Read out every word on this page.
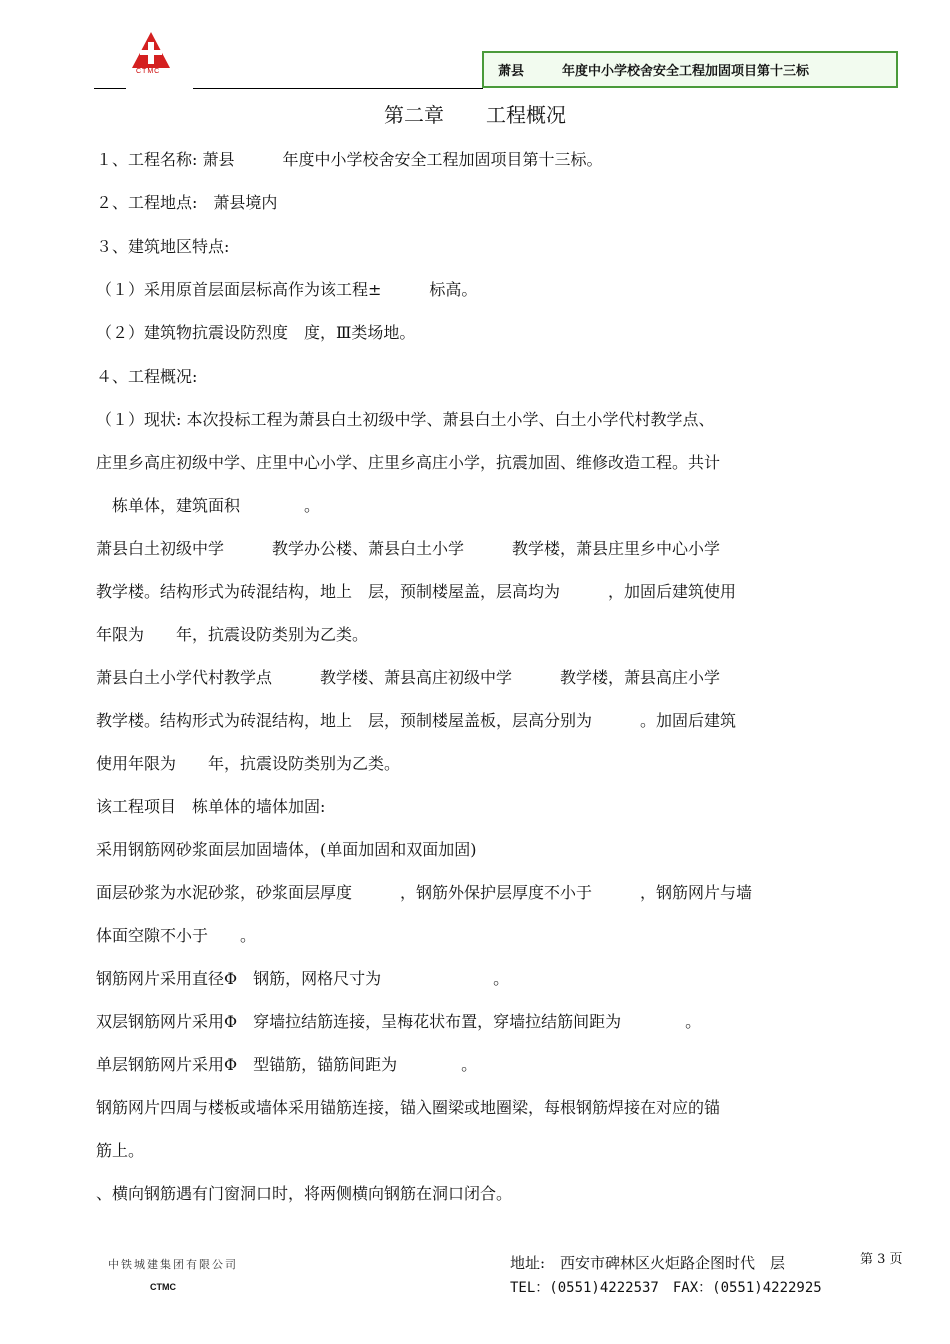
CTMC	萧县	年度中小学校舍安全工程加固项目第十三标
第二章 工程概况
１、工程名称: 萧县　　　年度中小学校舍安全工程加固项目第十三标。
２、工程地点:　萧县境内
３、建筑地区特点:
（１）采用原首层面层标高作为该工程±　　　标高。
（２）建筑物抗震设防烈度　度，Ⅲ类场地。
４、工程概况:
（１）现状: 本次投标工程为萧县白土初级中学、萧县白土小学、白土小学代村教学点、
庄里乡高庄初级中学、庄里中心小学、庄里乡高庄小学，抗震加固、维修改造工程。共计
　栋单体，建筑面积　　　　。
萧县白土初级中学　　　教学办公楼、萧县白土小学　　　教学楼，萧县庄里乡中心小学
教学楼。结构形式为砖混结构，地上　层，预制楼屋盖，层高均为　　　，加固后建筑使用
年限为　　年，抗震设防类别为乙类。
萧县白土小学代村教学点　　　教学楼、萧县高庄初级中学　　　教学楼，萧县高庄小学
教学楼。结构形式为砖混结构，地上　层，预制楼屋盖板，层高分别为　　　。加固后建筑
使用年限为　　年，抗震设防类别为乙类。
该工程项目　栋单体的墙体加固:
采用钢筋网砂浆面层加固墙体，(单面加固和双面加固)
面层砂浆为水泥砂浆，砂浆面层厚度　　　，钢筋外保护层厚度不小于　　　，钢筋网片与墙
体面空隙不小于　　。
钢筋网片采用直径Φ　钢筋，网格尺寸为　　　　　　　。
双层钢筋网片采用Φ　穿墙拉结筋连接，呈梅花状布置，穿墙拉结筋间距为　　　　。
单层钢筋网片采用Φ　型锚筋，锚筋间距为　　　　。
钢筋网片四周与楼板或墙体采用锚筋连接，锚入圈梁或地圈梁，每根钢筋焊接在对应的锚
筋上。
、横向钢筋遇有门窗洞口时，将两侧横向钢筋在洞口闭合。
中铁城建集团有限公司
CTMC
地址:　西安市碑林区火炬路企图时代　层
TEL：(0551)4222537　FAX：(0551)4222925
第 3 页
